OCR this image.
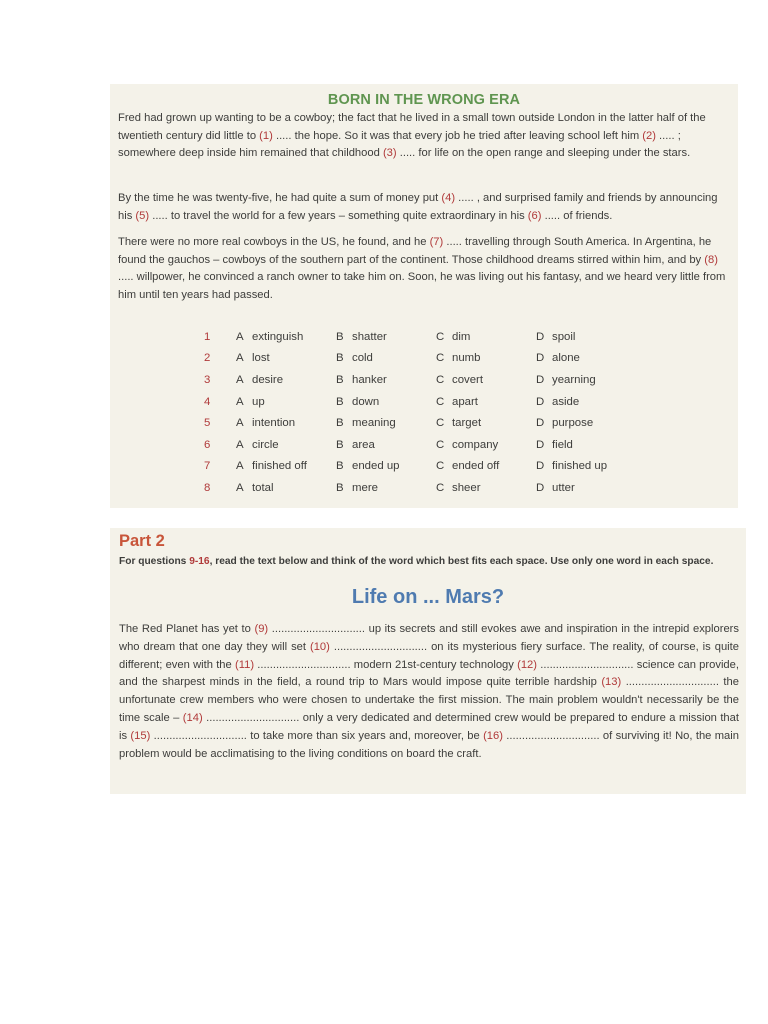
BORN IN THE WRONG ERA

Fred had grown up wanting to be a cowboy; the fact that he lived in a small town outside London in the latter half of the twentieth century did little to (1) ..... the hope. So it was that every job he tried after leaving school left him (2) ..... ; somewhere deep inside him remained that childhood (3) ..... for life on the open range and sleeping under the stars.

By the time he was twenty-five, he had quite a sum of money put (4) ..... , and surprised family and friends by announcing his (5) ..... to travel the world for a few years – something quite extraordinary in his (6) ..... of friends.

There were no more real cowboys in the US, he found, and he (7) ..... travelling through South America. In Argentina, he found the gauchos – cowboys of the southern part of the continent. Those childhood dreams stirred within him, and by (8) ..... willpower, he convinced a ranch owner to take him on. Soon, he was living out his fantasy, and we heard very little from him until ten years had passed.

1	A	extinguish	B	shatter	C	dim	D	spoil
2	A	lost	B	cold	C	numb	D	alone
3	A	desire	B	hanker	C	covert	D	yearning
4	A	up	B	down	C	apart	D	aside
5	A	intention	B	meaning	C	target	D	purpose
6	A	circle	B	area	C	company	D	field
7	A	finished off	B	ended up	C	ended off	D	finished up
8	A	total	B	mere	C	sheer	D	utter
Part 2
For questions 9-16, read the text below and think of the word which best fits each space. Use only one word in each space.
Life on ... Mars?

The Red Planet has yet to (9) .............................. up its secrets and still evokes awe and inspiration in the intrepid explorers who dream that one day they will set (10) .............................. on its mysterious fiery surface. The reality, of course, is quite different; even with the (11) .............................. modern 21st-century technology (12) .............................. science can provide, and the sharpest minds in the field, a round trip to Mars would impose quite terrible hardship (13) .............................. the unfortunate crew members who were chosen to undertake the first mission. The main problem wouldn't necessarily be the time scale – (14) .............................. only a very dedicated and determined crew would be prepared to endure a mission that is (15) .............................. to take more than six years and, moreover, be (16) .............................. of surviving it! No, the main problem would be acclimatising to the living conditions on board the craft.
